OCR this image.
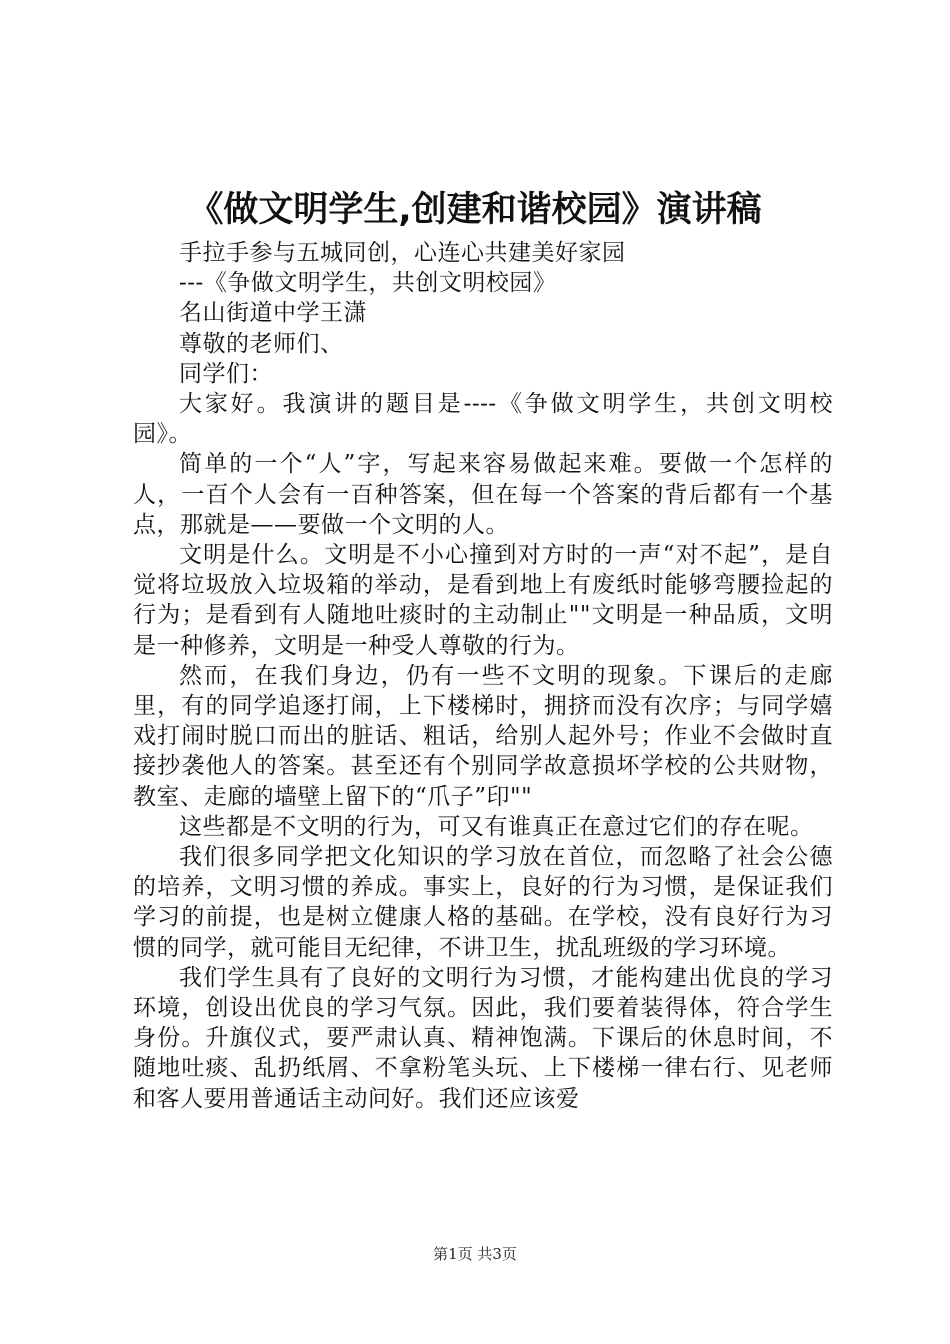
《做文明学生,创建和谐校园》演讲稿

手拉手参与五城同创，心连心共建美好家园

---《争做文明学生，共创文明校园》

名山街道中学王潇

尊敬的老师们、

同学们：

大家好。我演讲的题目是----《争做文明学生，共创文明校园》。

简单的一个“人”字，写起来容易做起来难。要做一个怎样的人，一百个人会有一百种答案，但在每一个答案的背后都有一个基点，那就是——要做一个文明的人。

文明是什么。文明是不小心撞到对方时的一声“对不起”，是自觉将垃圾放入垃圾箱的举动，是看到地上有废纸时能够弯腰捡起的行为；是看到有人随地吐痰时的主动制止""文明是一种品质，文明是一种修养，文明是一种受人尊敬的行为。

然而，在我们身边，仍有一些不文明的现象。下课后的走廊里，有的同学追逐打闹，上下楼梯时，拥挤而没有次序；与同学嬉戏打闹时脱口而出的脏话、粗话，给别人起外号；作业不会做时直接抄袭他人的答案。甚至还有个别同学故意损坏学校的公共财物，教室、走廊的墙壁上留下的“爪子”印""

这些都是不文明的行为，可又有谁真正在意过它们的存在呢。

我们很多同学把文化知识的学习放在首位，而忽略了社会公德的培养，文明习惯的养成。事实上，良好的行为习惯，是保证我们学习的前提，也是树立健康人格的基础。在学校，没有良好行为习惯的同学，就可能目无纪律，不讲卫生，扰乱班级的学习环境。

我们学生具有了良好的文明行为习惯，才能构建出优良的学习环境，创设出优良的学习气氛。因此，我们要着装得体，符合学生身份。升旗仪式，要严肃认真、精神饱满。下课后的休息时间，不随地吐痰、乱扔纸屑、不拿粉笔头玩、上下楼梯一律右行、见老师和客人要用普通话主动问好。我们还应该爱

第1页 共3页
